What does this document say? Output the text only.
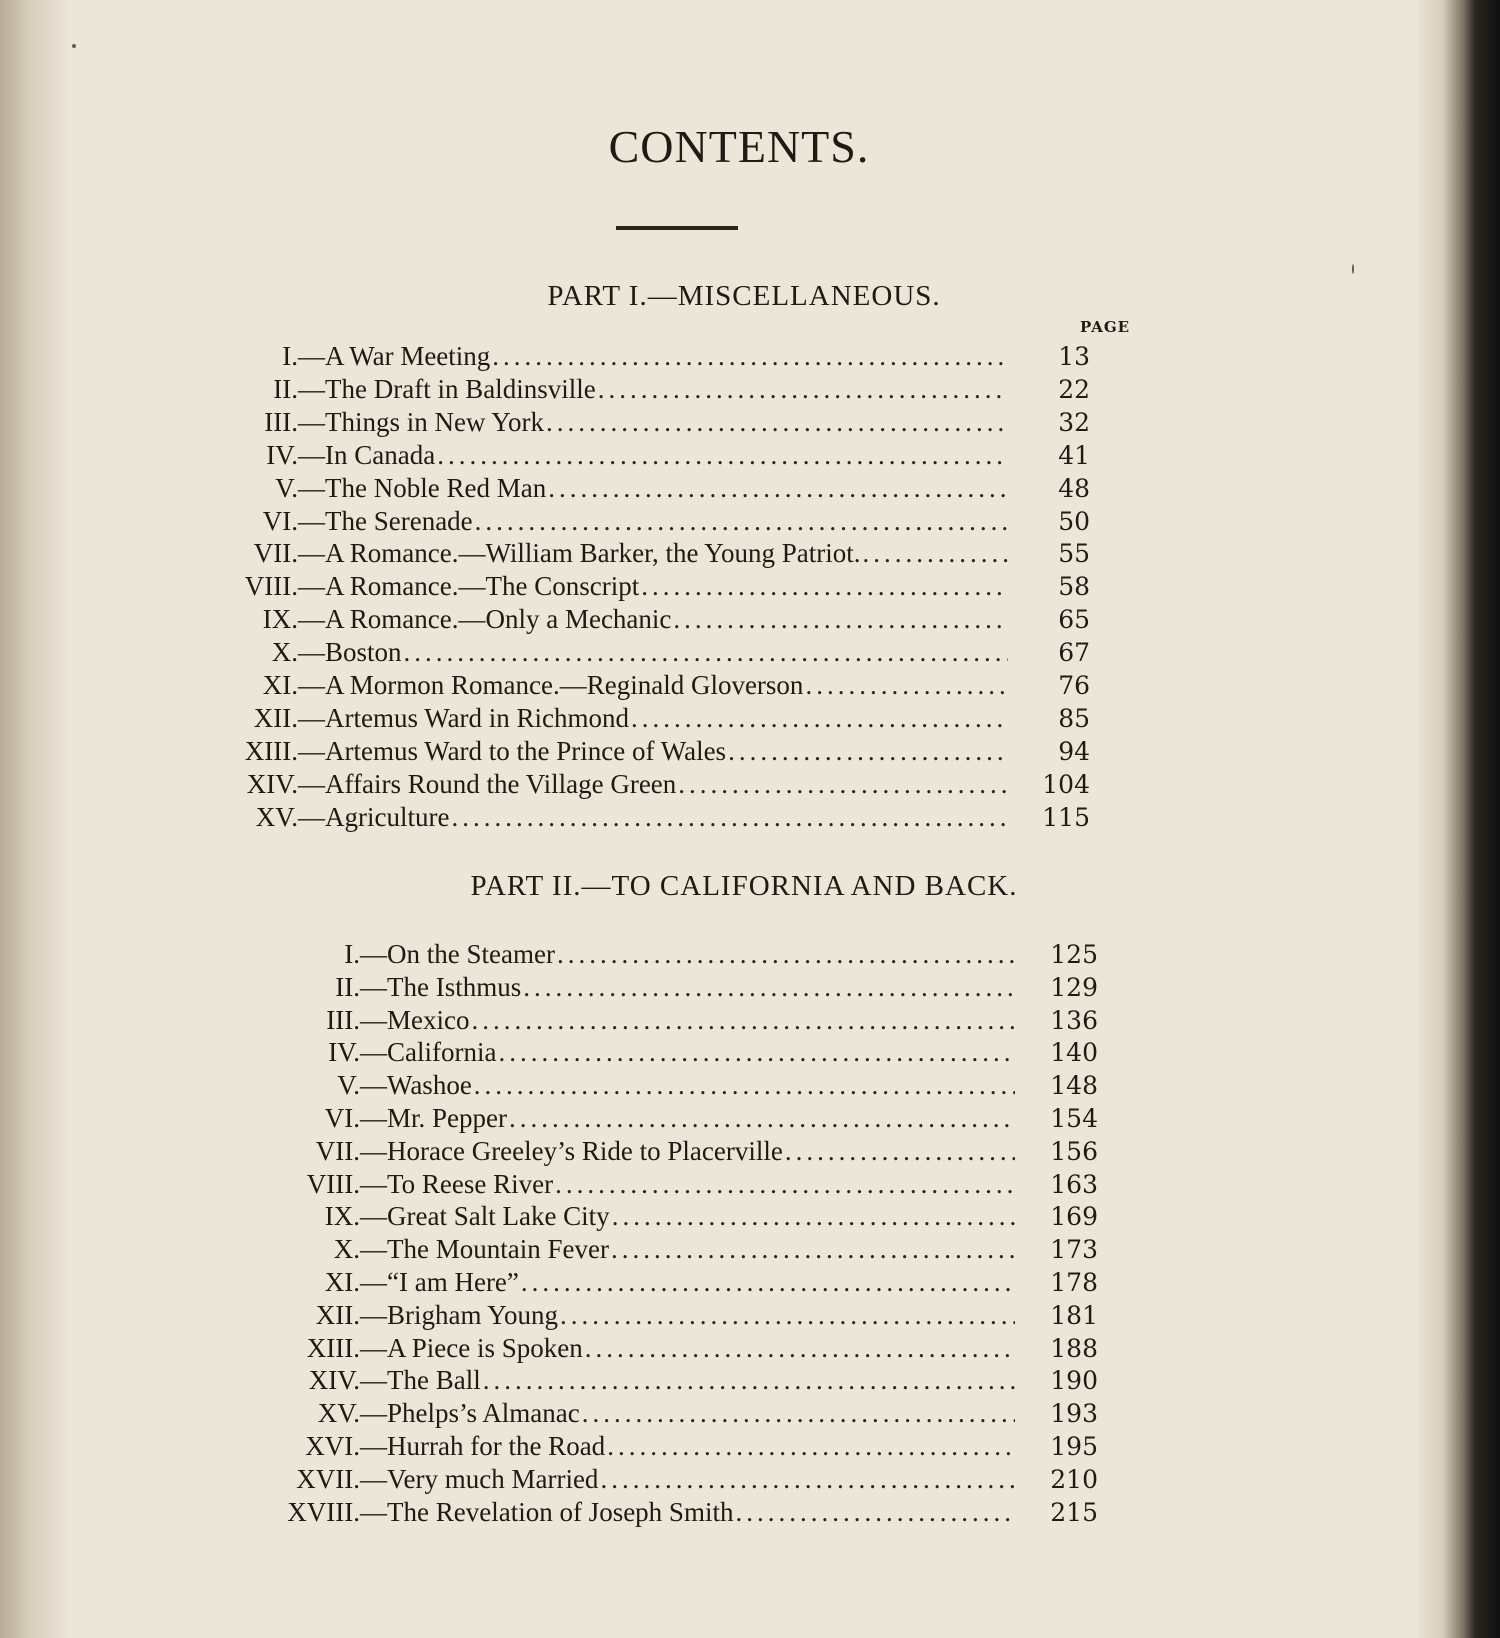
CONTENTS.
PART I.—MISCELLANEOUS.
PAGE
I. — A War Meeting .....	13
II. — The Draft in Baldinsville .....	22
III. — Things in New York .....	32
IV. — In Canada .....	41
V. — The Noble Red Man .....	48
VI. — The Serenade .....	50
VII. — A Romance.—William Barker, the Young Patriot. .....	55
VIII. — A Romance.—The Conscript .....	58
IX. — A Romance.—Only a Mechanic .....	65
X. — Boston .....	67
XI. — A Mormon Romance.—Reginald Gloverson .....	76
XII. — Artemus Ward in Richmond .....	85
XIII. — Artemus Ward to the Prince of Wales .....	94
XIV. — Affairs Round the Village Green .....	104
XV. — Agriculture .....	115
PART II.—TO CALIFORNIA AND BACK.
I. — On the Steamer .....	125
II. — The Isthmus .....	129
III. — Mexico .....	136
IV. — California .....	140
V. — Washoe .....	148
VI. — Mr. Pepper .....	154
VII. — Horace Greeley’s Ride to Placerville .....	156
VIII. — To Reese River .....	163
IX. — Great Salt Lake City .....	169
X. — The Mountain Fever .....	173
XI. — “I am Here” .....	178
XII. — Brigham Young .....	181
XIII. — A Piece is Spoken .....	188
XIV. — The Ball .....	190
XV. — Phelps’s Almanac .....	193
XVI. — Hurrah for the Road .....	195
XVII. — Very much Married .....	210
XVIII. — The Revelation of Joseph Smith .....	215
